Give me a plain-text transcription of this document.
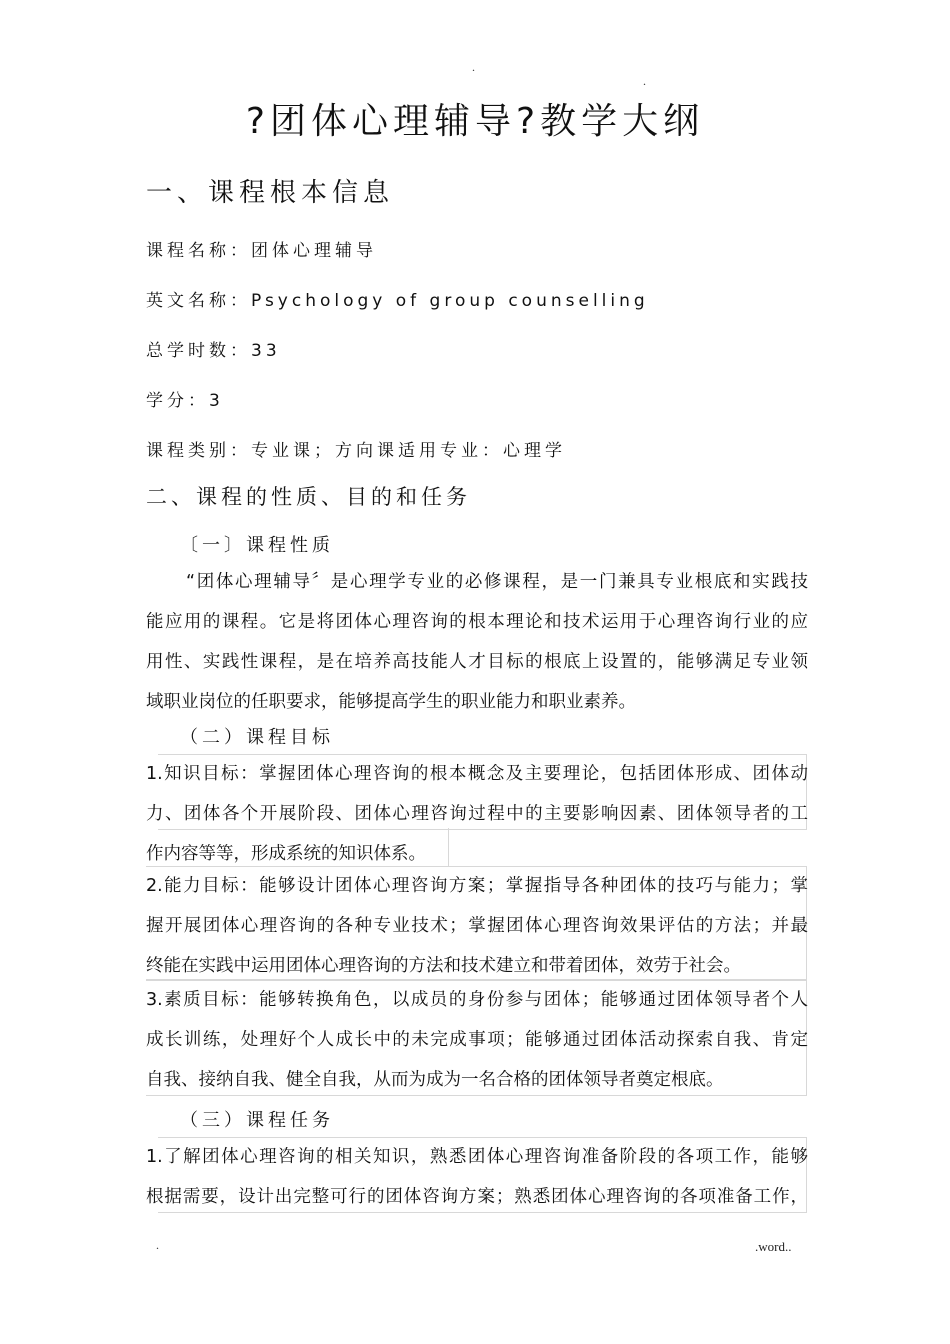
.
.
?团体心理辅导?教学大纲
一、课程根本信息
课程名称：团体心理辅导
英文名称：Psychology of group counselling
总学时数：33
学分：3
课程类别：专业课；方向课适用专业：心理学
二、课程的性质、目的和任务
〔一〕课程性质
“团体心理辅导〞是心理学专业的必修课程，是一门兼具专业根底和实践技
能应用的课程。它是将团体心理咨询的根本理论和技术运用于心理咨询行业的应
用性、实践性课程，是在培养高技能人才目标的根底上设置的，能够满足专业领
域职业岗位的任职要求，能够提高学生的职业能力和职业素养。
（二）课程目标
1.知识目标：掌握团体心理咨询的根本概念及主要理论，包括团体形成、团体动
力、团体各个开展阶段、团体心理咨询过程中的主要影响因素、团体领导者的工
作内容等等，形成系统的知识体系。
2.能力目标：能够设计团体心理咨询方案；掌握指导各种团体的技巧与能力；掌
握开展团体心理咨询的各种专业技术；掌握团体心理咨询效果评估的方法；并最
终能在实践中运用团体心理咨询的方法和技术建立和带着团体，效劳于社会。
3.素质目标：能够转换角色，以成员的身份参与团体；能够通过团体领导者个人
成长训练，处理好个人成长中的未完成事项；能够通过团体活动探索自我、肯定
自我、接纳自我、健全自我，从而为成为一名合格的团体领导者奠定根底。
（三）课程任务
1.了解团体心理咨询的相关知识，熟悉团体心理咨询准备阶段的各项工作，能够
根据需要，设计出完整可行的团体咨询方案；熟悉团体心理咨询的各项准备工作，
.	.word..
